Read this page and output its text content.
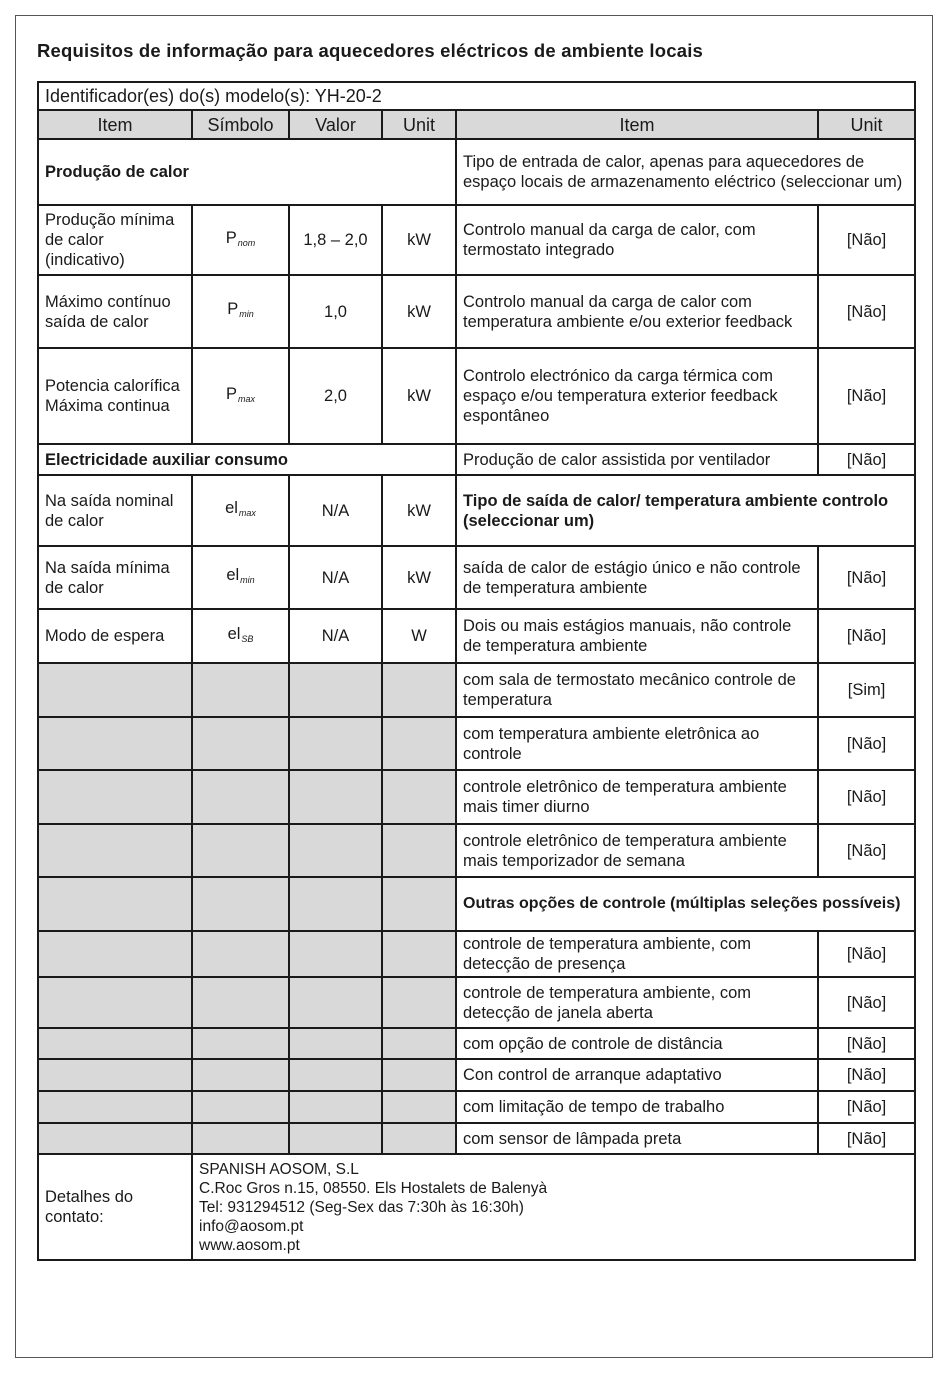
Requisitos de informação para aquecedores eléctricos de ambiente locais
Identificador(es) do(s) modelo(s): YH-20-2					
Item	Símbolo	Valor	Unit	Item	Unit
Produção de calor				Tipo de entrada de calor, apenas para aquecedores de espaço locais de armazenamento eléctrico (seleccionar um)	
Produção mínima de calor (indicativo)	Pnom	1,8 – 2,0	kW	Controlo manual da carga de calor, com termostato integrado	[Não]
Máximo contínuo saída de calor	Pmin	1,0	kW	Controlo manual da carga de calor com temperatura ambiente e/ou exterior feedback	[Não]
Potencia calorífica Máxima continua	Pmax	2,0	kW	Controlo electrónico da carga térmica com espaço e/ou temperatura exterior feedback espontâneo	[Não]
Electricidade auxiliar consumo				Produção de calor assistida por ventilador	[Não]
Na saída nominal de calor	elmax	N/A	kW	Tipo de saída de calor/ temperatura ambiente controlo (seleccionar um)	
Na saída mínima de calor	elmin	N/A	kW	saída de calor de estágio único e não controle de temperatura ambiente	[Não]
Modo de espera	elSB	N/A	W	Dois ou mais estágios manuais, não controle de temperatura ambiente	[Não]
				com sala de termostato mecânico controle de temperatura	[Sim]
				com temperatura ambiente eletrônica ao controle	[Não]
				controle eletrônico de temperatura ambiente mais timer diurno	[Não]
				controle eletrônico de temperatura ambiente mais temporizador de semana	[Não]
				Outras opções de controle (múltiplas seleções possíveis)	
				controle de temperatura ambiente, com detecção de presença	[Não]
				controle de temperatura ambiente, com detecção de janela aberta	[Não]
				com opção de controle de distância	[Não]
				Con control de arranque adaptativo	[Não]
				com limitação de tempo de trabalho	[Não]
				com sensor de lâmpada preta	[Não]
Detalhes do contato:	SPANISH AOSOM, S.L
C.Roc Gros n.15, 08550. Els Hostalets de Balenyà
Tel: 931294512 (Seg-Sex das 7:30h às 16:30h)
info@aosom.pt
www.aosom.pt				
